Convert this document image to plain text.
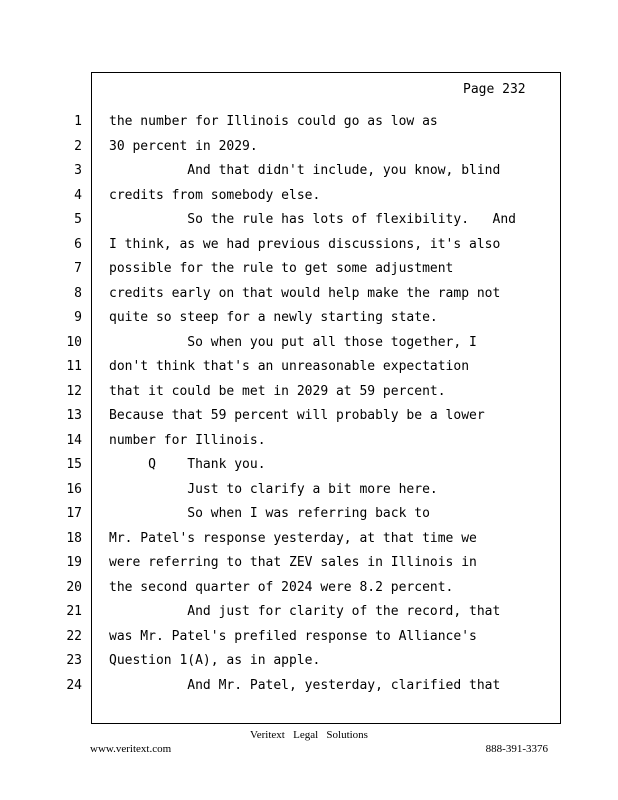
Page 232
1 the number for Illinois could go as low as
2 30 percent in 2029.
3 And that didn't include, you know, blind
4 credits from somebody else.
5 So the rule has lots of flexibility.   And
6 I think, as we had previous discussions, it's also
7 possible for the rule to get some adjustment
8 credits early on that would help make the ramp not
9 quite so steep for a newly starting state.
10 So when you put all those together, I
11 don't think that's an unreasonable expectation
12 that it could be met in 2029 at 59 percent.
13 Because that 59 percent will probably be a lower
14 number for Illinois.
15 Q    Thank you.
16 Just to clarify a bit more here.
17 So when I was referring back to
18 Mr. Patel's response yesterday, at that time we
19 were referring to that ZEV sales in Illinois in
20 the second quarter of 2024 were 8.2 percent.
21 And just for clarity of the record, that
22 was Mr. Patel's prefiled response to Alliance's
23 Question 1(A), as in apple.
24 And Mr. Patel, yesterday, clarified that
Veritext   Legal   Solutions
www.veritext.com	888-391-3376
